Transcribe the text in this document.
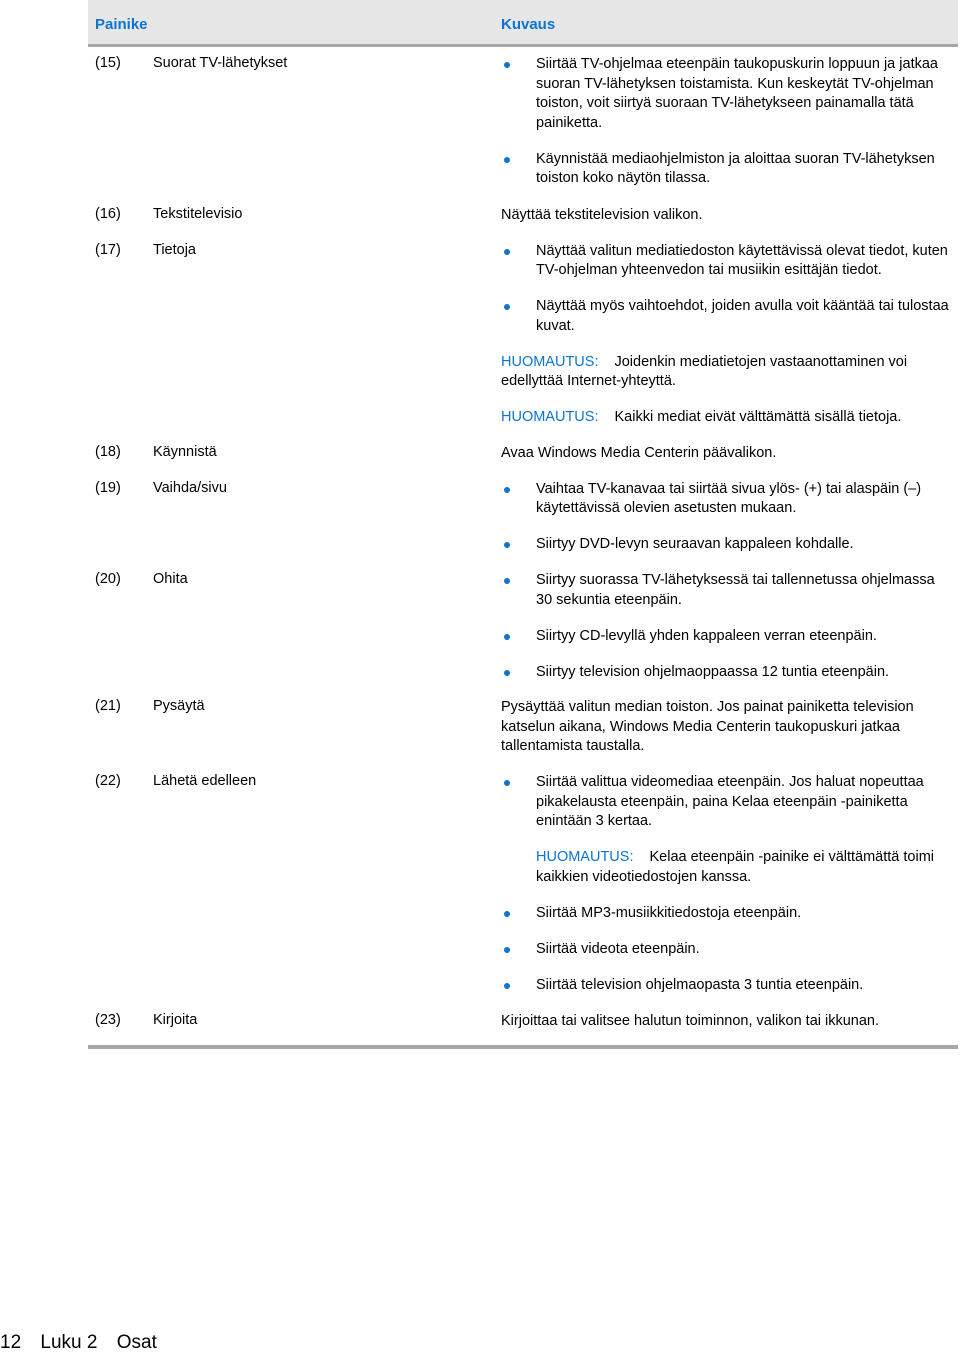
Painike	Kuvaus
(15) Suorat TV-lähetykset	Siirtää TV-ohjelmaa eteenpäin taukopuskurin loppuun ja jatkaa suoran TV-lähetyksen toistamista. Kun keskeytät TV-ohjelman toiston, voit siirtyä suoraan TV-lähetykseen painamalla tätä painiketta.
Käynnistää mediaohjelmiston ja aloittaa suoran TV-lähetyksen toiston koko näytön tilassa.
(16) Tekstitelevisio	Näyttää tekstitelevision valikon.
(17) Tietoja	Näyttää valitun mediatiedoston käytettävissä olevat tiedot, kuten TV-ohjelman yhteenvedon tai musiikin esittäjän tiedot.
Näyttää myös vaihtoehdot, joiden avulla voit kääntää tai tulostaa kuvat.
HUOMAUTUS: Joidenkin mediatietojen vastaanottaminen voi edellyttää Internet-yhteyttä.
HUOMAUTUS: Kaikki mediat eivät välttämättä sisällä tietoja.
(18) Käynnistä	Avaa Windows Media Centerin päävalikon.
(19) Vaihda/sivu	Vaihtaa TV-kanavaa tai siirtää sivua ylös- (+) tai alaspäin (–) käytettävissä olevien asetusten mukaan.
Siirtyy DVD-levyn seuraavan kappaleen kohdalle.
(20) Ohita	Siirtyy suorassa TV-lähetyksessä tai tallennetussa ohjelmassa 30 sekuntia eteenpäin.
Siirtyy CD-levyllä yhden kappaleen verran eteenpäin.
Siirtyy television ohjelmaoppaassa 12 tuntia eteenpäin.
(21) Pysäytä	Pysäyttää valitun median toiston. Jos painat painiketta television katselun aikana, Windows Media Centerin taukopuskuri jatkaa tallentamista taustalla.
(22) Lähetä edelleen	Siirtää valittua videomediaa eteenpäin. Jos haluat nopeuttaa pikakelausta eteenpäin, paina Kelaa eteenpäin -painiketta enintään 3 kertaa.
HUOMAUTUS: Kelaa eteenpäin -painike ei välttämättä toimi kaikkien videotiedostojen kanssa.
Siirtää MP3-musiikkitiedostoja eteenpäin.
Siirtää videota eteenpäin.
Siirtää television ohjelmaopasta 3 tuntia eteenpäin.
(23) Kirjoita	Kirjoittaa tai valitsee halutun toiminnon, valikon tai ikkunan.
12 Luku 2 Osat
